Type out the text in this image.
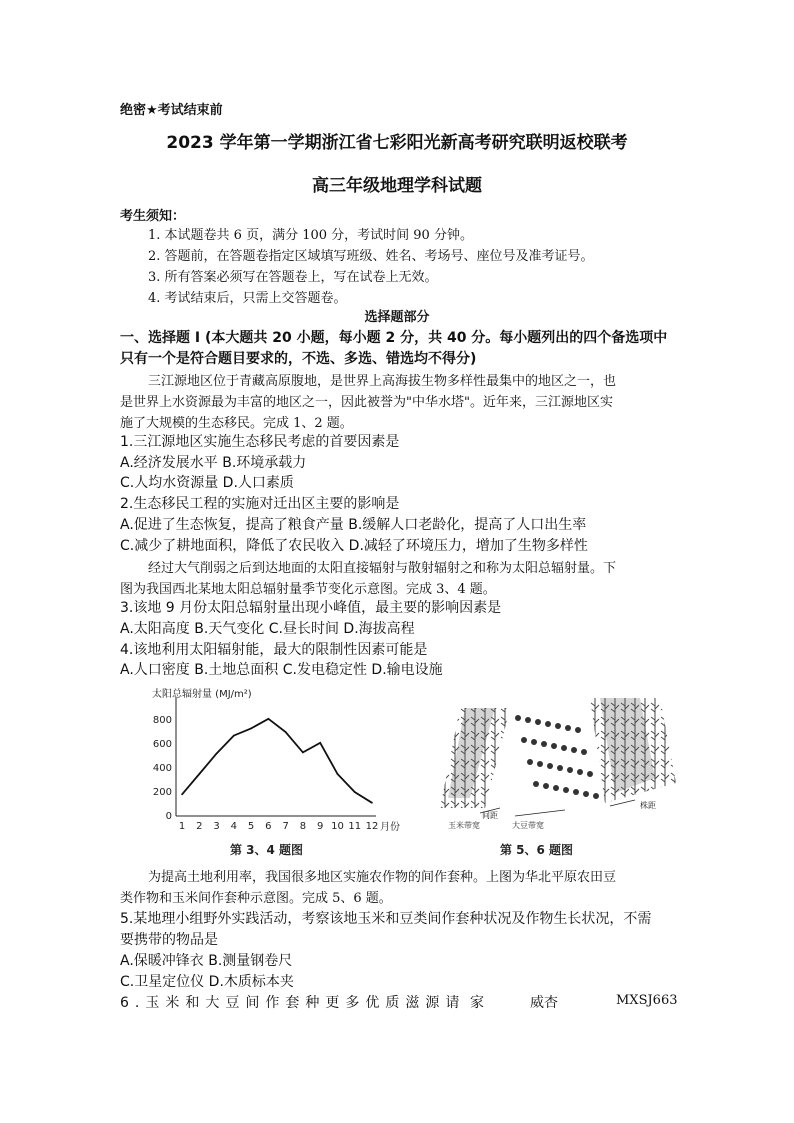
绝密★考试结束前
2023 学年第一学期浙江省七彩阳光新高考研究联明返校联考
高三年级地理学科试题
考生须知：
1. 本试题卷共 6 页，满分 100 分，考试时间 90 分钟。
2. 答题前，在答题卷指定区域填写班级、姓名、考场号、座位号及准考证号。
3. 所有答案必须写在答题卷上，写在试卷上无效。
4. 考试结束后，只需上交答题卷。
选择题部分
一、选择题 Ⅰ (本大题共 20 小题，每小题 2 分，共 40 分。每小题列出的四个备选项中
只有一个是符合题目要求的，不选、多选、错选均不得分)
三江源地区位于青藏高原腹地，是世界上高海拔生物多样性最集中的地区之一，也
是世界上水资源最为丰富的地区之一，因此被誉为"中华水塔"。近年来，三江源地区实
施了大规模的生态移民。完成 1、2 题。
1.三江源地区实施生态移民考虑的首要因素是
A.经济发展水平 B.环境承载力
C.人均水资源量 D.人口素质
2.生态移民工程的实施对迁出区主要的影响是
A.促进了生态恢复，提高了粮食产量 B.缓解人口老龄化，提高了人口出生率
C.减少了耕地面积，降低了农民收入 D.减轻了环境压力，增加了生物多样性
经过大气削弱之后到达地面的太阳直接辐射与散射辐射之和称为太阳总辐射量。下
图为我国西北某地太阳总辐射量季节变化示意图。完成 3、4 题。
3.该地 9 月份太阳总辐射量出现小峰值，最主要的影响因素是
A.太阳高度 B.天气变化 C.昼长时间 D.海拔高程
4.该地利用太阳辐射能，最大的限制性因素可能是
A.人口密度 B.土地总面积 C.发电稳定性 D.输电设施
太阳总辐射量 (MJ/m²)
0
200
400
600
800
1 2 3 4 5 6 7 8 9 10 11 12 月份
第 3、4 题图
间距
株距
玉米带宽	大豆带宽
第 5、6 题图
为提高土地利用率，我国很多地区实施农作物的间作套种。上图为华北平原农田豆
类作物和玉米间作套种示意图。完成 5、6 题。
5.某地理小组野外实践活动，考察该地玉米和豆类间作套种状况及作物生长状况，不需
要携带的物品是
A.保暖冲锋衣 B.测量钢卷尺
C.卫星定位仪 D.木质标本夹
6.玉米和大豆间作套种更多优质滋源请 家	威杏	MXSJ663
